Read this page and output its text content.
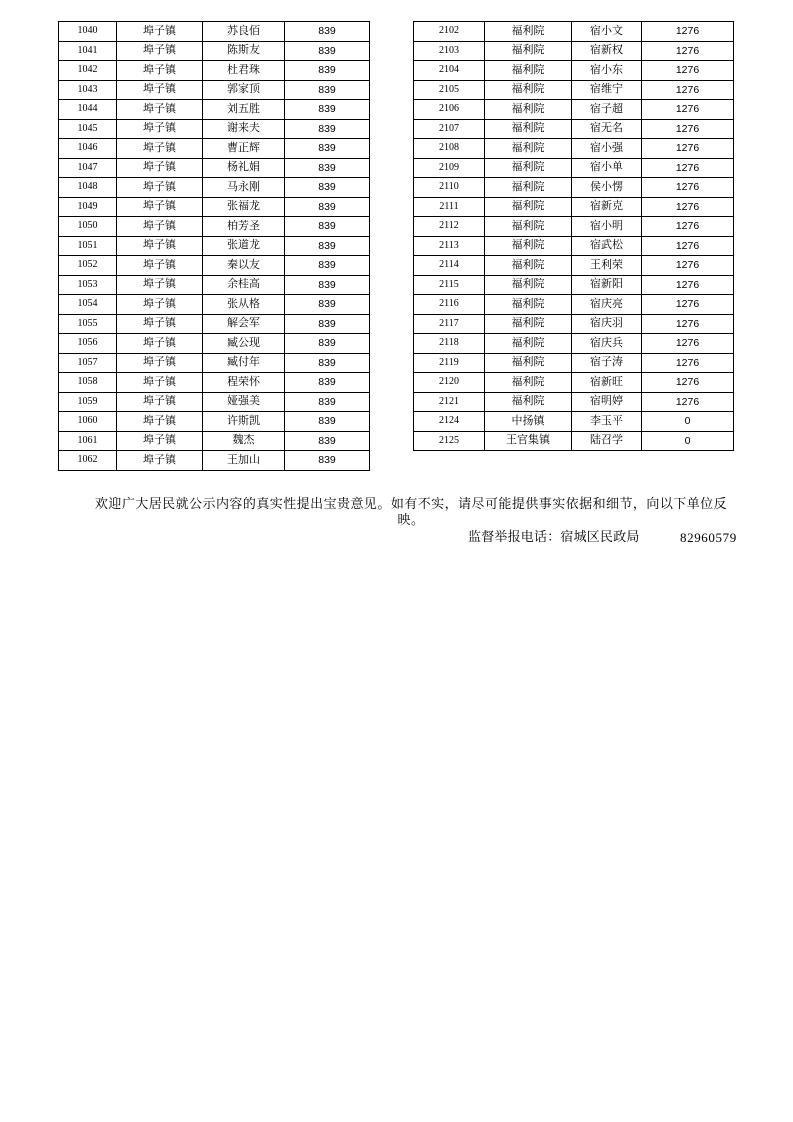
1040	埠子镇	苏良佰	839
1041	埠子镇	陈斯友	839
1042	埠子镇	杜君珠	839
1043	埠子镇	郭家顶	839
1044	埠子镇	刘五胜	839
1045	埠子镇	谢来夫	839
1046	埠子镇	曹正辉	839
1047	埠子镇	杨礼娟	839
1048	埠子镇	马永刚	839
1049	埠子镇	张福龙	839
1050	埠子镇	柏芳圣	839
1051	埠子镇	张道龙	839
1052	埠子镇	秦以友	839
1053	埠子镇	余桂高	839
1054	埠子镇	张从格	839
1055	埠子镇	解会军	839
1056	埠子镇	臧公现	839
1057	埠子镇	臧付年	839
1058	埠子镇	程荣怀	839
1059	埠子镇	娅强美	839
1060	埠子镇	许斯凯	839
1061	埠子镇	魏杰	839
1062	埠子镇	王加山	839
2102	福利院	宿小文	1276
2103	福利院	宿新权	1276
2104	福利院	宿小东	1276
2105	福利院	宿维宁	1276
2106	福利院	宿子超	1276
2107	福利院	宿无名	1276
2108	福利院	宿小强	1276
2109	福利院	宿小单	1276
2110	福利院	侯小愣	1276
2111	福利院	宿新克	1276
2112	福利院	宿小明	1276
2113	福利院	宿武松	1276
2114	福利院	王利荣	1276
2115	福利院	宿新阳	1276
2116	福利院	宿庆亮	1276
2117	福利院	宿庆羽	1276
2118	福利院	宿庆兵	1276
2119	福利院	宿子涛	1276
2120	福利院	宿新旺	1276
2121	福利院	宿明婷	1276
2124	中扬镇	李玉平	0
2125	王官集镇	陆召学	0
欢迎广大居民就公示内容的真实性提出宝贵意见。如有不实，请尽可能提供事实依据和细节，向以下单位反映。
监督举报电话：宿城区民政局	82960579
